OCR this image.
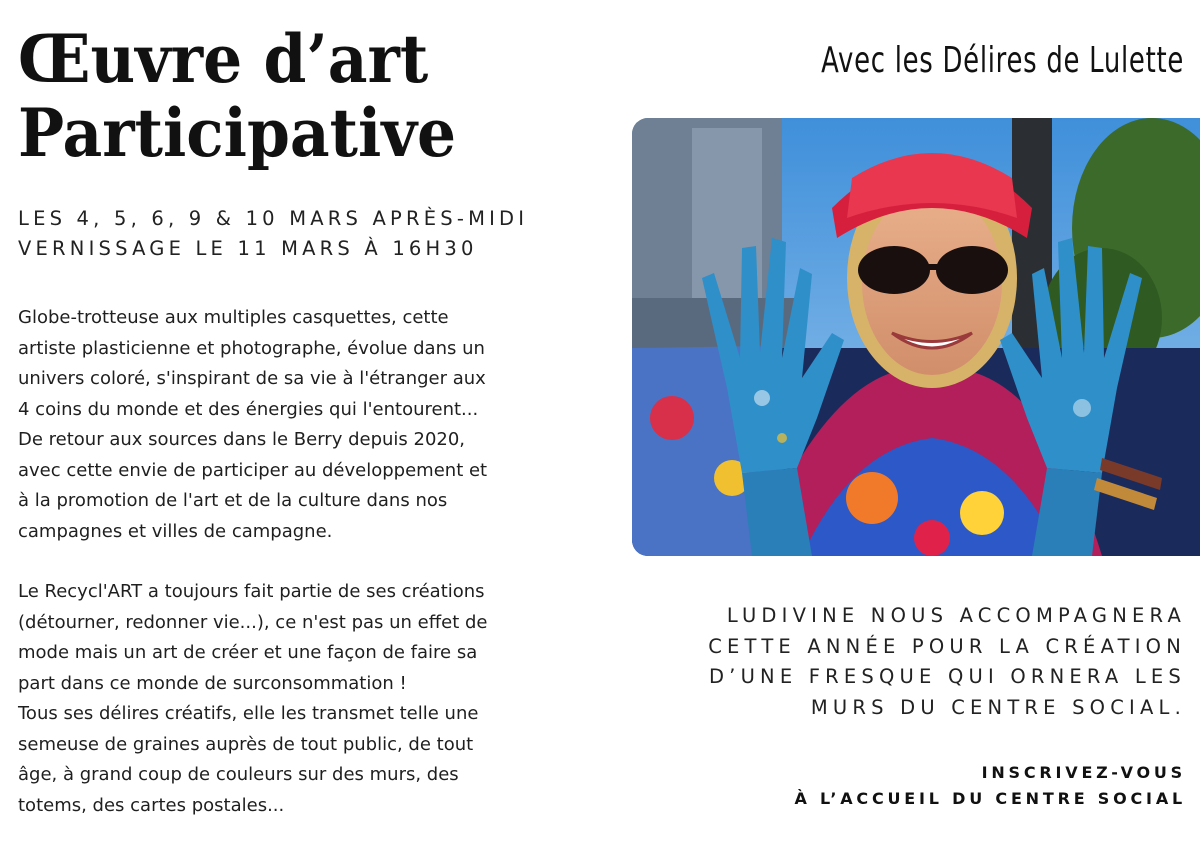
Œuvre d’art
Participative
Avec les Délires de Lulette
LES 4, 5, 6, 9 & 10 MARS APRÈS-MIDI
VERNISSAGE LE 11 MARS À 16H30

Globe-trotteuse aux multiples casquettes, cette

artiste plasticienne et photographe, évolue dans un

univers coloré, s'inspirant de sa vie à l'étranger aux

4 coins du monde et des énergies qui l'entourent...

De retour aux sources dans le Berry depuis 2020,

avec cette envie de participer au développement et

à la promotion de l'art et de la culture dans nos

campagnes et villes de campagne.

Le Recycl'ART a toujours fait partie de ses créations

(détourner, redonner vie...), ce n'est pas un effet de

mode mais un art de créer et une façon de faire sa

part dans ce monde de surconsommation !

Tous ses délires créatifs, elle les transmet telle une

semeuse de graines auprès de tout public, de tout

âge, à grand coup de couleurs sur des murs, des

totems, des cartes postales...

LUDIVINE NOUS ACCOMPAGNERA
CETTE ANNÉE POUR LA CRÉATION
D’UNE FRESQUE QUI ORNERA LES
MURS DU CENTRE SOCIAL.
INSCRIVEZ-VOUS
À L’ACCUEIL DU CENTRE SOCIAL
